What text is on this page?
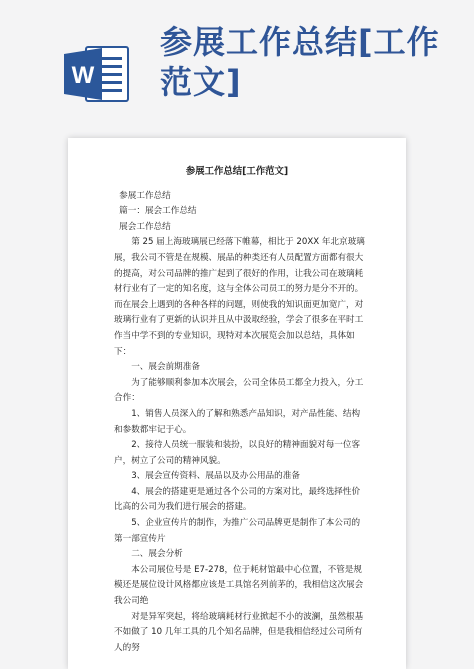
W
参展工作总结[工作范文]
参展工作总结[工作范文]

参展工作总结

篇一：展会工作总结

展会工作总结

第 25 届上海玻璃展已经落下帷幕，相比于 20XX 年北京玻璃展，我公司不管是在规模、展品的种类还有人员配置方面都有很大的提高，对公司品牌的推广起到了很好的作用，让我公司在玻璃耗材行业有了一定的知名度，这与全体公司员工的努力是分不开的。而在展会上遇到的各种各样的问题，则使我的知识面更加宽广，对玻璃行业有了更新的认识并且从中汲取经验，学会了很多在平时工作当中学不到的专业知识，现特对本次展览会加以总结，具体如下：

一、展会前期准备

为了能够顺利参加本次展会，公司全体员工都全力投入，分工合作：

1、销售人员深入的了解和熟悉产品知识，对产品性能、结构和参数都牢记于心。

2、接待人员统一服装和装扮，以良好的精神面貌对每一位客户，树立了公司的精神风貌。

3、展会宣传资料、展品以及办公用品的准备

4、展会的搭建更是通过各个公司的方案对比，最终选择性价比高的公司为我们进行展会的搭建。

5、企业宣传片的制作，为推广公司品牌更是制作了本公司的第一部宣传片

二、展会分析

本公司展位号是 E7-278，位于耗材馆最中心位置，不管是规模还是展位设计风格都应该是工具馆名列前茅的，我相信这次展会我公司绝

对是异军突起，将给玻璃耗材行业掀起不小的波澜，虽然根基不如做了 10 几年工具的几个知名品牌，但是我相信经过公司所有人的努
